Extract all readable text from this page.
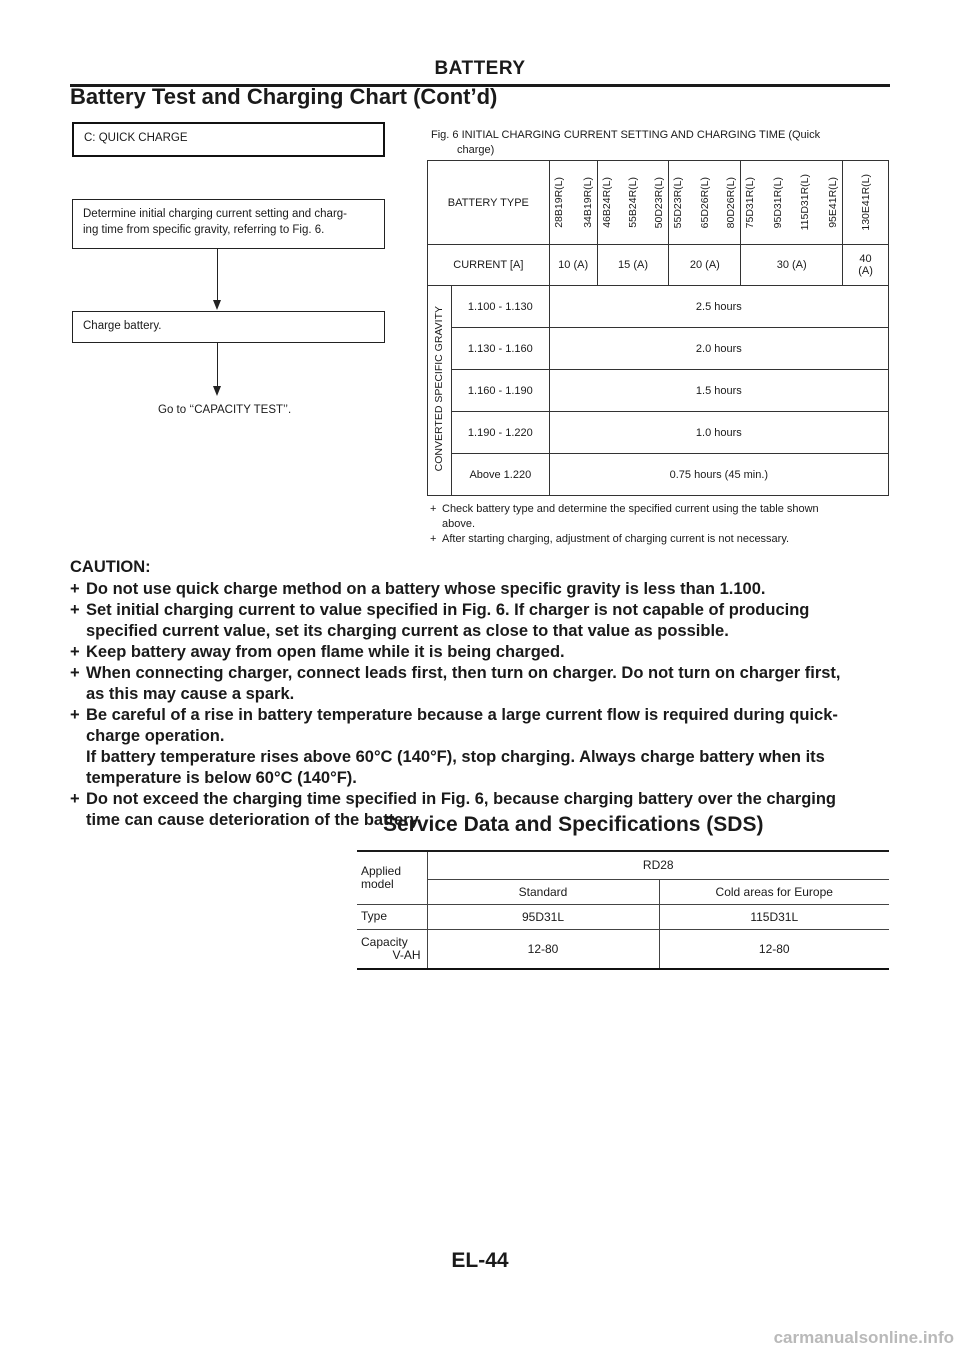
BATTERY
Battery Test and Charging Chart (Cont’d)
C: QUICK CHARGE
Determine initial charging current setting and charg-
ing time from specific gravity, referring to Fig. 6.
Charge battery.
Go to ‘‘CAPACITY TEST’’.
Fig. 6 INITIAL CHARGING CURRENT SETTING AND CHARGING TIME (Quick
charge)
BATTERY TYPE		28B19R(L) 34B19R(L)	46B24R(L) 55B24R(L) 50D23R(L)	55D23R(L) 65D26R(L) 80D26R(L)	75D31R(L) 95D31R(L) 115D31R(L) 95E41R(L)	130E41R(L)

CURRENT [A]		10 (A)	15 (A)	20 (A)	30 (A)	40
(A)

CONVERTED SPECIFIC GRAVITY	1.100 - 1.130	2.5 hours				
	1.130 - 1.160	2.0 hours				
	1.160 - 1.190	1.5 hours				
	1.190 - 1.220	1.0 hours				
	Above 1.220	0.75 hours (45 min.)				
+ Check battery type and determine the specified current using the table shown
above.
+ After starting charging, adjustment of charging current is not necessary.
CAUTION:
+ Do not use quick charge method on a battery whose specific gravity is less than 1.100.
+ Set initial charging current to value specified in Fig. 6. If charger is not capable of producing
specified current value, set its charging current as close to that value as possible.
+ Keep battery away from open flame while it is being charged.
+ When connecting charger, connect leads first, then turn on charger. Do not turn on charger first,
as this may cause a spark.
+ Be careful of a rise in battery temperature because a large current flow is required during quick-
charge operation.
If battery temperature rises above 60°C (140°F), stop charging. Always charge battery when its
temperature is below 60°C (140°F).
+ Do not exceed the charging time specified in Fig. 6, because charging battery over the charging
time can cause deterioration of the battery.
Service Data and Specifications (SDS)
Applied
model	RD28	
	Standard	Cold areas for Europe
Type	95D31L	115D31L

Capacity
V-AH	12-80	12-80
EL-44
carmanualsonline.info
